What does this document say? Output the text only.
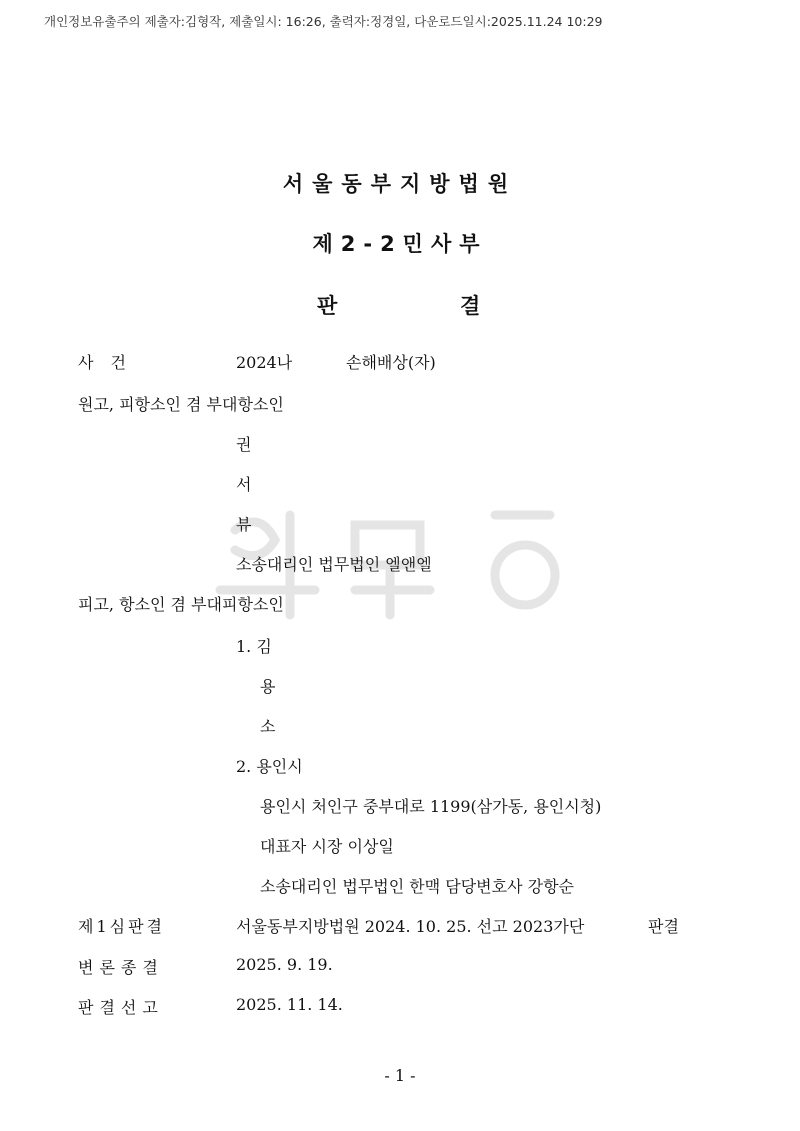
개인정보유출주의 제출자:김형작, 제출일시: 16:26, 출력자:정경일, 다운로드일시:2025.11.24 10:29
서울동부지방법원
제2-2민사부
판	결
사 건	2024나	손해배상(자)
원고, 피항소인 겸 부대항소인
권
서
뷰
소송대리인 법무법인 엘앤엘
피고, 항소인 겸 부대피항소인
1. 김
용
소
2. 용인시
용인시 처인구 중부대로 1199(삼가동, 용인시청)
대표자 시장 이상일
소송대리인 법무법인 한맥 담당변호사 강항순
제1심판결	서울동부지방법원 2024. 10. 25. 선고 2023가단	판결
변론종결	2025. 9. 19.
판결선고	2025. 11. 14.
- 1 -
